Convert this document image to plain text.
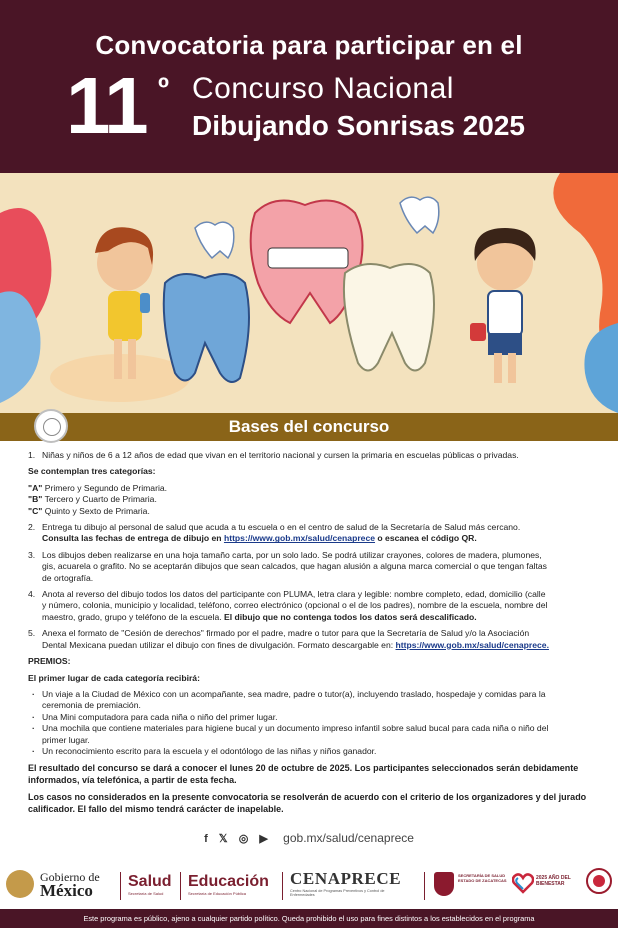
Convocatoria para participar en el
11 º Concurso Nacional
Dibujando Sonrisas 2025
Bases del concurso

1. Niñas y niños de 6 a 12 años de edad que vivan en el territorio nacional y cursen la primaria en escuelas públicas o privadas.

Se contemplan tres categorías:

"A" Primero y Segundo de Primaria.

"B" Tercero y Cuarto de Primaria.

"C" Quinto y Sexto de Primaria.

2. Entrega tu dibujo al personal de salud que acuda a tu escuela o en el centro de salud de la Secretaría de Salud más cercano.

Consulta las fechas de entrega de dibujo en https://www.gob.mx/salud/cenaprece o escanea el código QR.

3. Los dibujos deben realizarse en una hoja tamaño carta, por un solo lado. Se podrá utilizar crayones, colores de madera, plumones,

gis, acuarela o grafito. No se aceptarán dibujos que sean calcados, que hagan alusión a alguna marca comercial o que tengan faltas

de ortografía.

4. Anota al reverso del dibujo todos los datos del participante con PLUMA, letra clara y legible: nombre completo, edad, domicilio (calle

y número, colonia, municipio y localidad, teléfono, correo electrónico (opcional o el de los padres), nombre de la escuela, nombre del

maestro, grado, grupo y teléfono de la escuela. El dibujo que no contenga todos los datos será descalificado.

5. Anexa el formato de "Cesión de derechos" firmado por el padre, madre o tutor para que la Secretaría de Salud y/o la Asociación

Dental Mexicana puedan utilizar el dibujo con fines de divulgación. Formato descargable en: https://www.gob.mx/salud/cenaprece.

PREMIOS:

El primer lugar de cada categoría recibirá:

· Un viaje a la Ciudad de México con un acompañante, sea madre, padre o tutor(a), incluyendo traslado, hospedaje y comidas para la
ceremonia de premiación.

· Una Mini computadora para cada niña o niño del primer lugar.

· Una mochila que contiene materiales para higiene bucal y un documento impreso infantil sobre salud bucal para cada niña o niño del
primer lugar.

· Un reconocimiento escrito para la escuela y el odontólogo de las niñas y niños ganador.

El resultado del concurso se dará a conocer el lunes 20 de octubre de 2025. Los participantes seleccionados serán debidamente
informados, vía telefónica, a partir de esta fecha.

Los casos no considerados en la presente convocatoria se resolverán de acuerdo con el criterio de los organizadores y del jurado
calificador. El fallo del mismo tendrá carácter de inapelable.

f 𝕏 ◎ ▶ gob.mx/salud/cenaprece
Gobierno de
México Salud
Secretaría de Salud
Educación
Secretaría de Educación Pública
CENAPRECE
Centro Nacional de Programas Preventivos y Control de Enfermedades
SECRETARÍA DE SALUD ESTADO DE ZACATECAS	2025 AÑO DEL BIENESTAR
Este programa es público, ajeno a cualquier partido político. Queda prohibido el uso para fines distintos a los establecidos en el programa
